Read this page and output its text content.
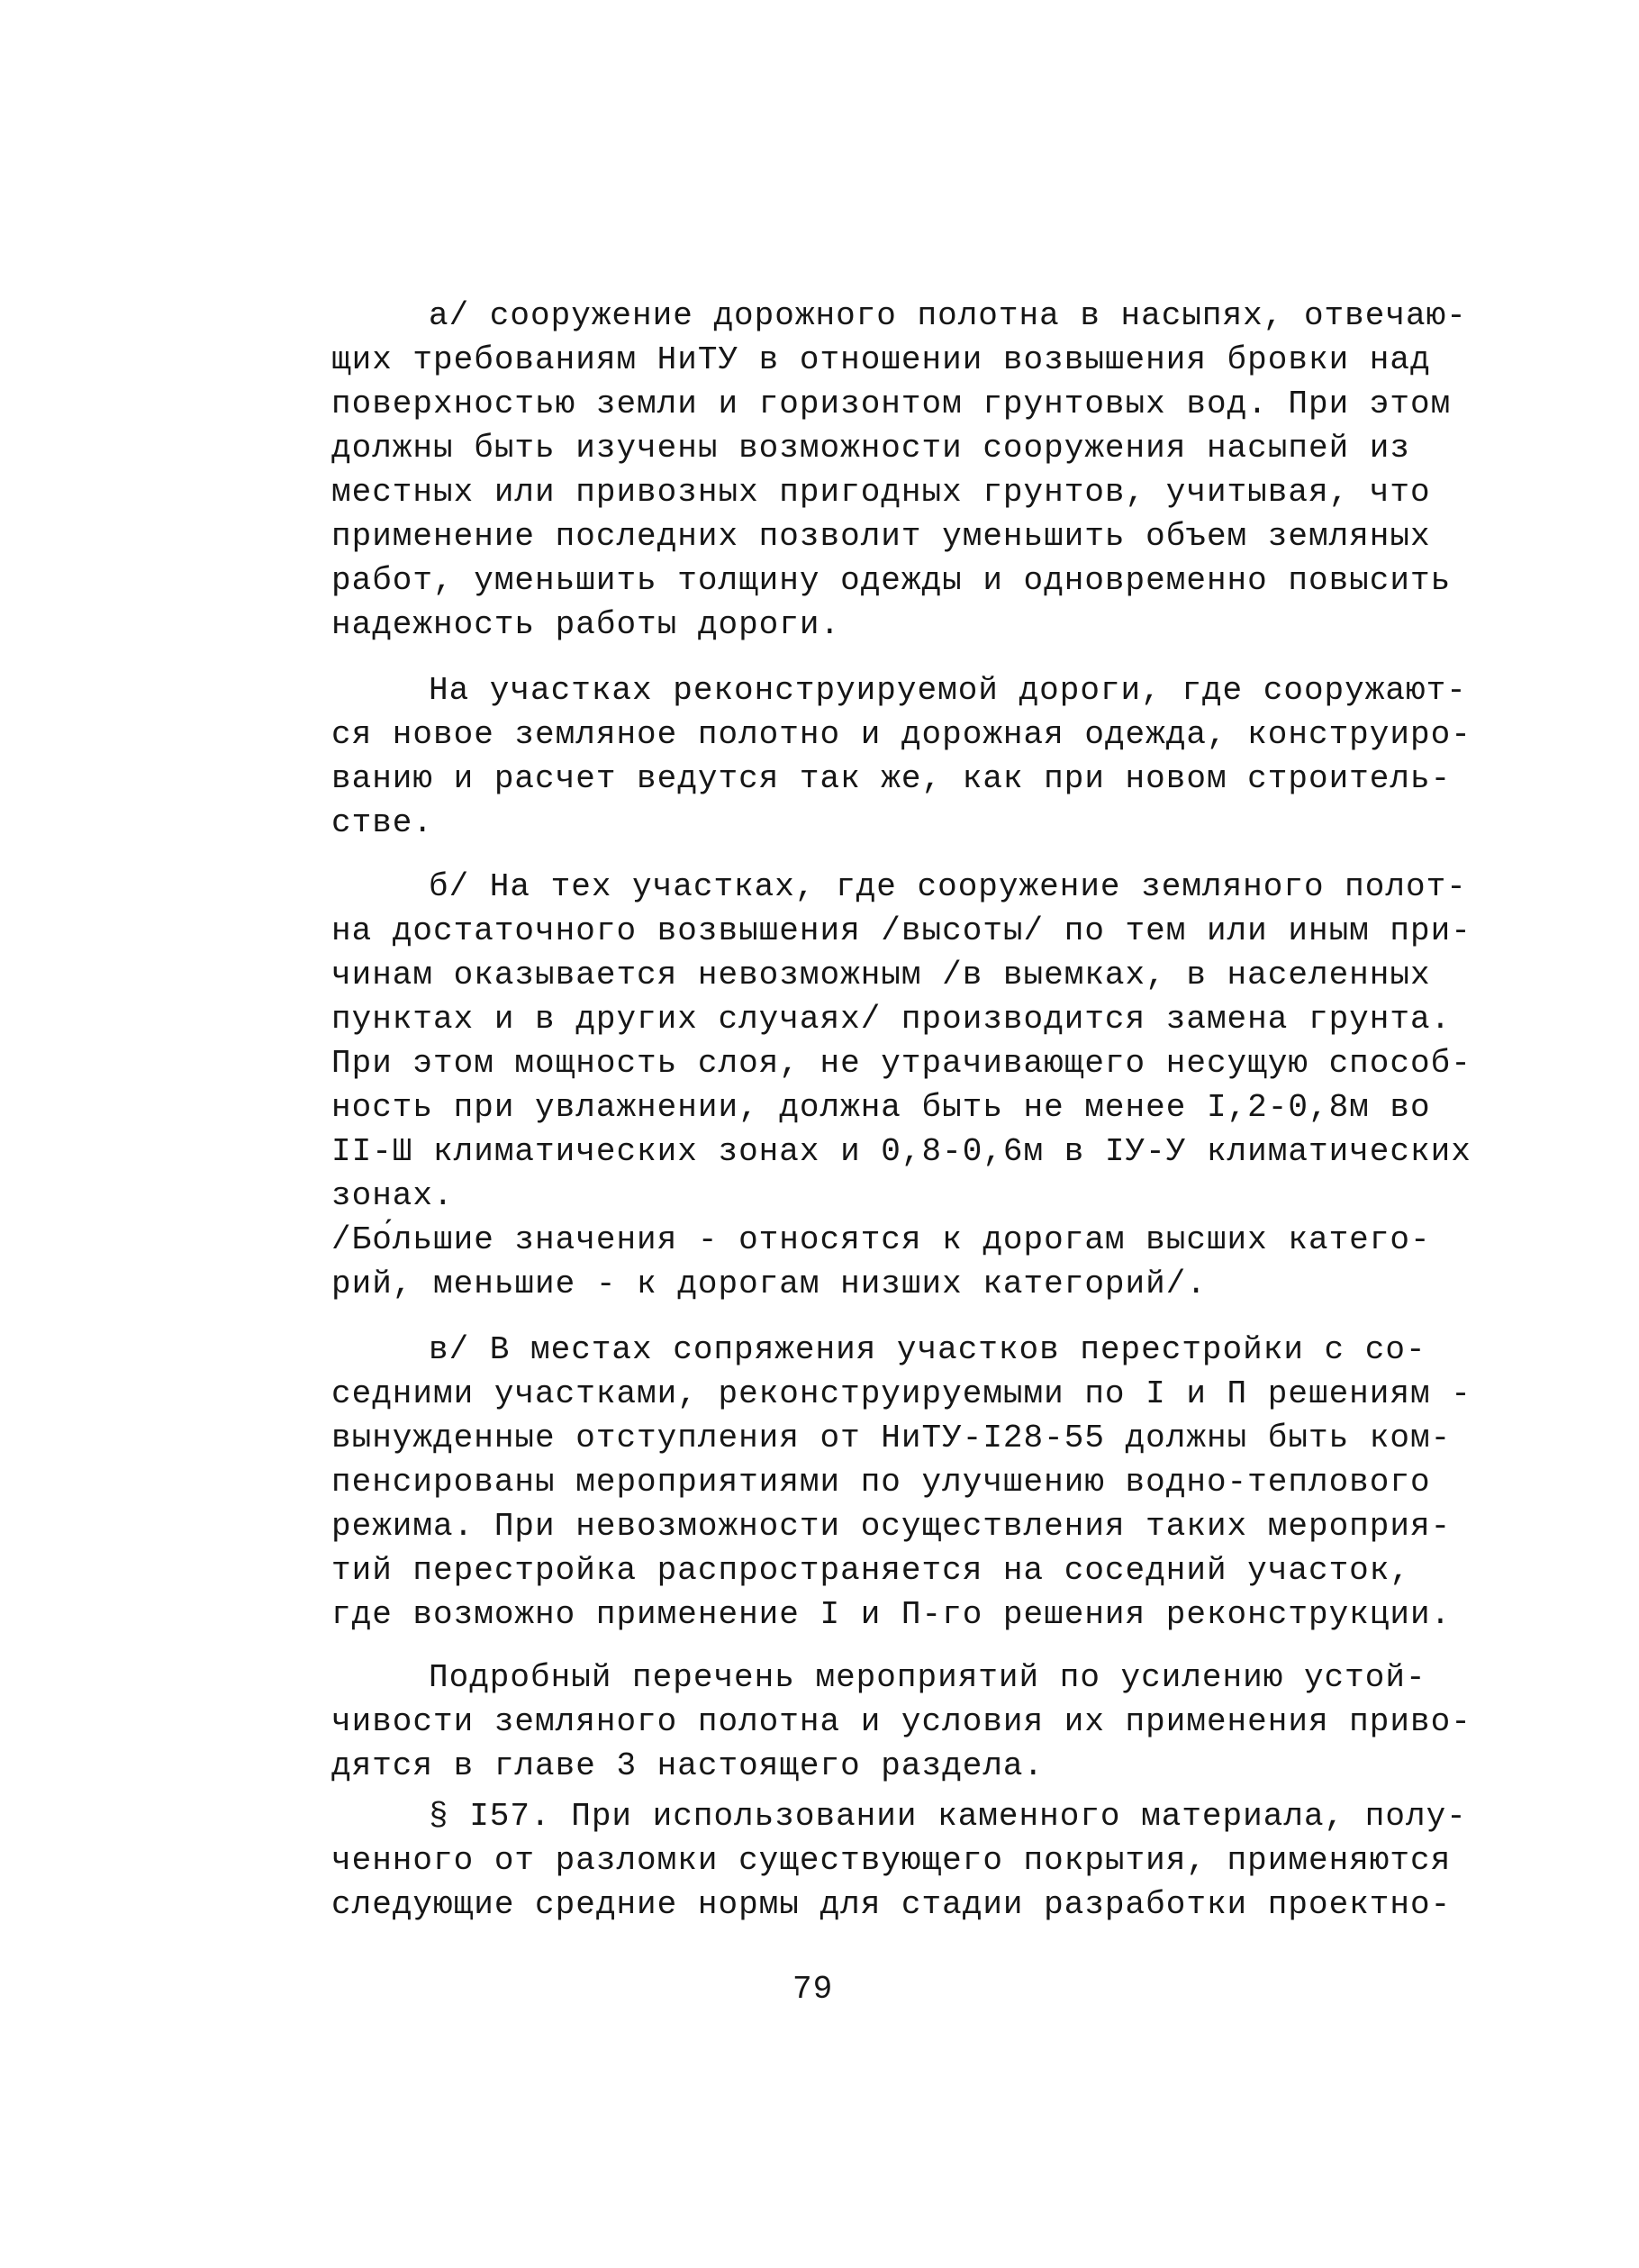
а/ сооружение дорожного полотна в насыпях, отвечаю-
щих требованиям НиТУ в отношении возвышения бровки над
поверхностью земли и горизонтом грунтовых вод. При этом
должны быть изучены возможности сооружения насыпей из
местных или привозных пригодных грунтов, учитывая, что
применение последних позволит уменьшить объем земляных
работ, уменьшить толщину одежды и одновременно повысить
надежность работы дороги.
На участках реконструируемой дороги, где сооружают-
ся новое земляное полотно и дорожная одежда, конструиро-
ванию и расчет ведутся так же, как при новом строитель-
стве.
б/ На тех участках, где сооружение земляного полот-
на достаточного возвышения /высоты/ по тем или иным при-
чинам оказывается невозможным /в выемках, в населенных
пунктах и в других случаях/ производится замена грунта.
При этом мощность слоя, не утрачивающего несущую способ-
ность при увлажнении, должна быть не менее I,2-0,8м во
II-Ш климатических зонах и 0,8-0,6м в IУ-У климатических
зонах.
/Бо́льшие значения - относятся к дорогам высших катего-
рий, меньшие - к дорогам низших категорий/.
в/ В местах сопряжения участков перестройки с со-
седними участками, реконструируемыми по I и П решениям -
вынужденные отступления от НиТУ-I28-55 должны быть ком-
пенсированы мероприятиями по улучшению водно-теплового
режима. При невозможности осуществления таких мероприя-
тий перестройка распространяется на соседний участок,
где возможно применение I и П-го решения реконструкции.
Подробный перечень мероприятий по усилению устой-
чивости земляного полотна и условия их применения приво-
дятся в главе 3 настоящего раздела.
§ I57. При использовании каменного материала, полу-
ченного от разломки существующего покрытия, применяются
следующие средние нормы для стадии разработки проектно-
79
